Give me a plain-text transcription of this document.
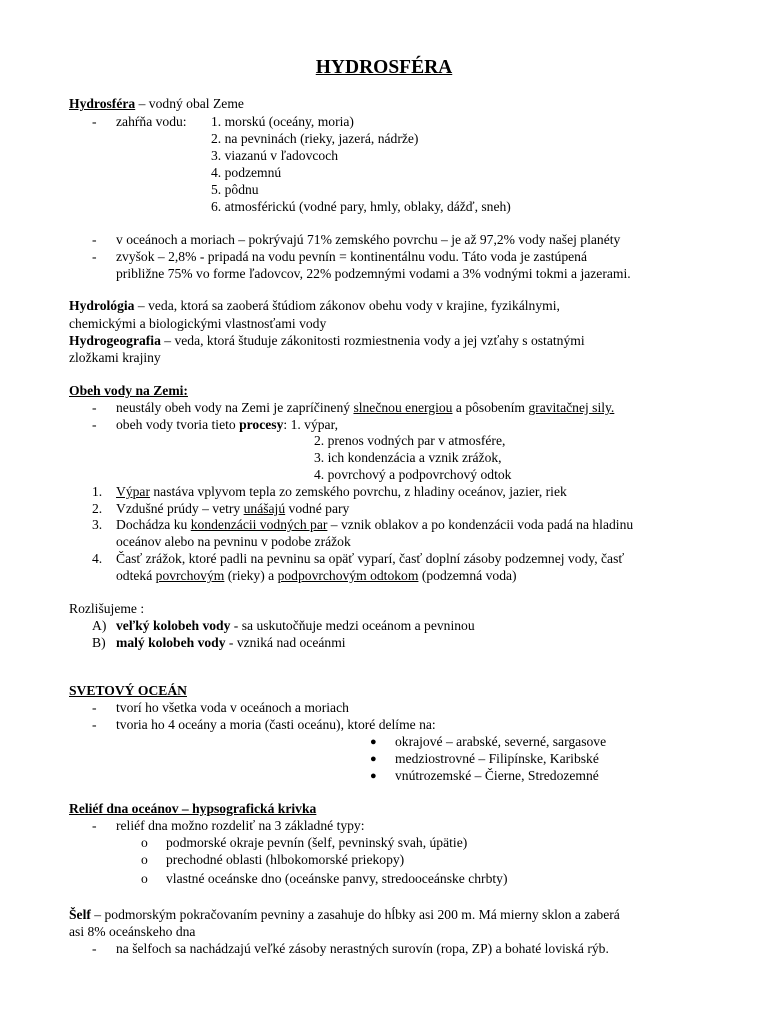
HYDROSFÉRA
Hydrosféra – vodný obal Zeme
- zahŕňa vodu: 1. morskú (oceány, moria)
2. na pevninách (rieky, jazerá, nádrže)
3. viazanú v ľadovcoch
4. podzemnú
5. pôdnu
6. atmosférickú (vodné pary, hmly, oblaky, dážď, sneh)
- v oceánoch a moriach – pokrývajú 71% zemského povrchu – je až 97,2% vody našej planéty
- zvyšok – 2,8% - pripadá na vodu pevnín = kontinentálnu vodu. Táto voda je zastúpená
približne 75% vo forme ľadovcov, 22% podzemnými vodami a 3% vodnými tokmi a jazerami.
Hydrológia – veda, ktorá sa zaoberá štúdiom zákonov obehu vody v krajine, fyzikálnymi,
chemickými a biologickými vlastnosťami vody
Hydrogeografia – veda, ktorá študuje zákonitosti rozmiestnenia vody a jej vzťahy s ostatnými
zložkami krajiny
Obeh vody na Zemi:
- neustály obeh vody na Zemi je zapríčinený slnečnou energiou a pôsobením gravitačnej sily.
- obeh vody tvoria tieto procesy: 1. výpar,
2. prenos vodných par v atmosfére,
3. ich kondenzácia a vznik zrážok,
4. povrchový a podpovrchový odtok
1. Výpar nastáva vplyvom tepla zo zemského povrchu, z hladiny oceánov, jazier, riek
2. Vzdušné prúdy – vetry unášajú vodné pary
3. Dochádza ku kondenzácii vodných par – vznik oblakov a po kondenzácii voda padá na hladinu
oceánov alebo na pevninu v podobe zrážok
4. Časť zrážok, ktoré padli na pevninu sa opäť vyparí, časť doplní zásoby podzemnej vody, časť
odteká povrchovým (rieky) a podpovrchovým odtokom (podzemná voda)
Rozlišujeme :
A) veľký kolobeh vody - sa uskutočňuje medzi oceánom a pevninou
B) malý kolobeh vody - vzniká nad oceánmi
SVETOVÝ OCEÁN
- tvorí ho všetka voda v oceánoch a moriach
- tvoria ho 4 oceány a moria (časti oceánu), ktoré delíme na:
● okrajové – arabské, severné, sargasove
● medziostrovné – Filipínske, Karibské
● vnútrozemské – Čierne, Stredozemné
Reliéf dna oceánov – hypsografická krivka
- reliéf dna možno rozdeliť na 3 základné typy:
o podmorské okraje pevnín (šelf, pevninský svah, úpätie)
o prechodné oblasti (hlbokomorské priekopy)
o vlastné oceánske dno (oceánske panvy, stredooceánske chrbty)
Šelf – podmorským pokračovaním pevniny a zasahuje do hĺbky asi 200 m. Má mierny sklon a zaberá
asi 8% oceánskeho dna
- na šelfoch sa nachádzajú veľké zásoby nerastných surovín (ropa, ZP) a bohaté loviská rýb.
